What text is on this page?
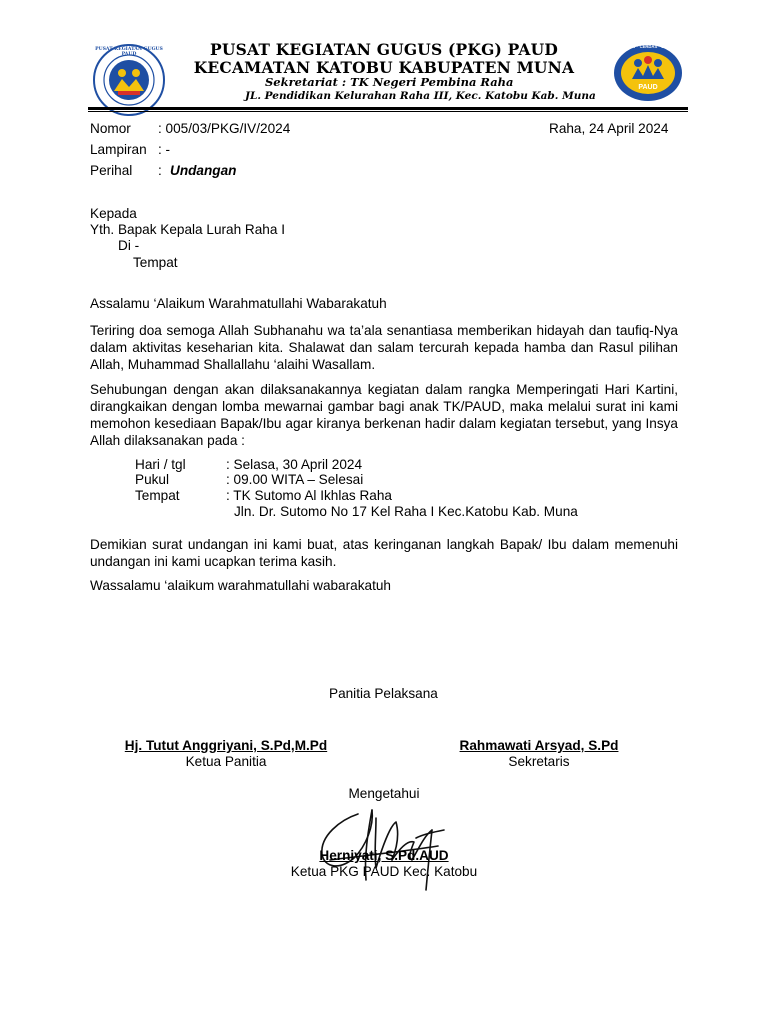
PUSAT KEGIATAN GUGUS PAUD
SEHAT · CERDAS · CERIA
PAUD
PUSAT KEGIATAN GUGUS (PKG) PAUD
KECAMATAN KATOBU KABUPATEN MUNA
Sekretariat : TK Negeri Pembina Raha
JL. Pendidikan Kelurahan Raha III, Kec. Katobu Kab. Muna
Nomor : 005/03/PKG/IV/2024	Raha, 24 April 2024
Lampiran : -
Perihal : Undangan
Kepada
Yth. Bapak Kepala Lurah Raha I
Di -
Tempat
Assalamu ‘Alaikum Warahmatullahi Wabarakatuh
Teriring doa semoga Allah Subhanahu wa ta’ala senantiasa memberikan hidayah dan taufiq-Nya dalam aktivitas keseharian kita. Shalawat dan salam tercurah kepada hamba dan Rasul pilihan Allah, Muhammad Shallallahu ‘alaihi Wasallam.
Sehubungan dengan akan dilaksanakannya kegiatan dalam rangka Memperingati Hari Kartini, dirangkaikan dengan lomba mewarnai gambar bagi anak TK/PAUD, maka melalui surat ini kami memohon kesediaan Bapak/Ibu agar kiranya berkenan hadir dalam kegiatan tersebut, yang Insya Allah dilaksanakan pada :
Hari / tgl	: Selasa, 30 April 2024
Pukul	: 09.00 WITA – Selesai
Tempat	: TK Sutomo Al Ikhlas Raha
Jln. Dr. Sutomo No 17 Kel Raha I Kec.Katobu Kab. Muna
Demikian surat undangan ini kami buat, atas keringanan langkah Bapak/ Ibu dalam memenuhi undangan ini kami ucapkan terima kasih.
Wassalamu ‘alaikum warahmatullahi wabarakatuh
Panitia Pelaksana
Hj. Tutut Anggriyani, S.Pd,M.Pd
Ketua Panitia
Rahmawati Arsyad, S.Pd
Sekretaris
Mengetahui
Herniyati, S.Pd.AUD
Ketua PKG PAUD Kec. Katobu
